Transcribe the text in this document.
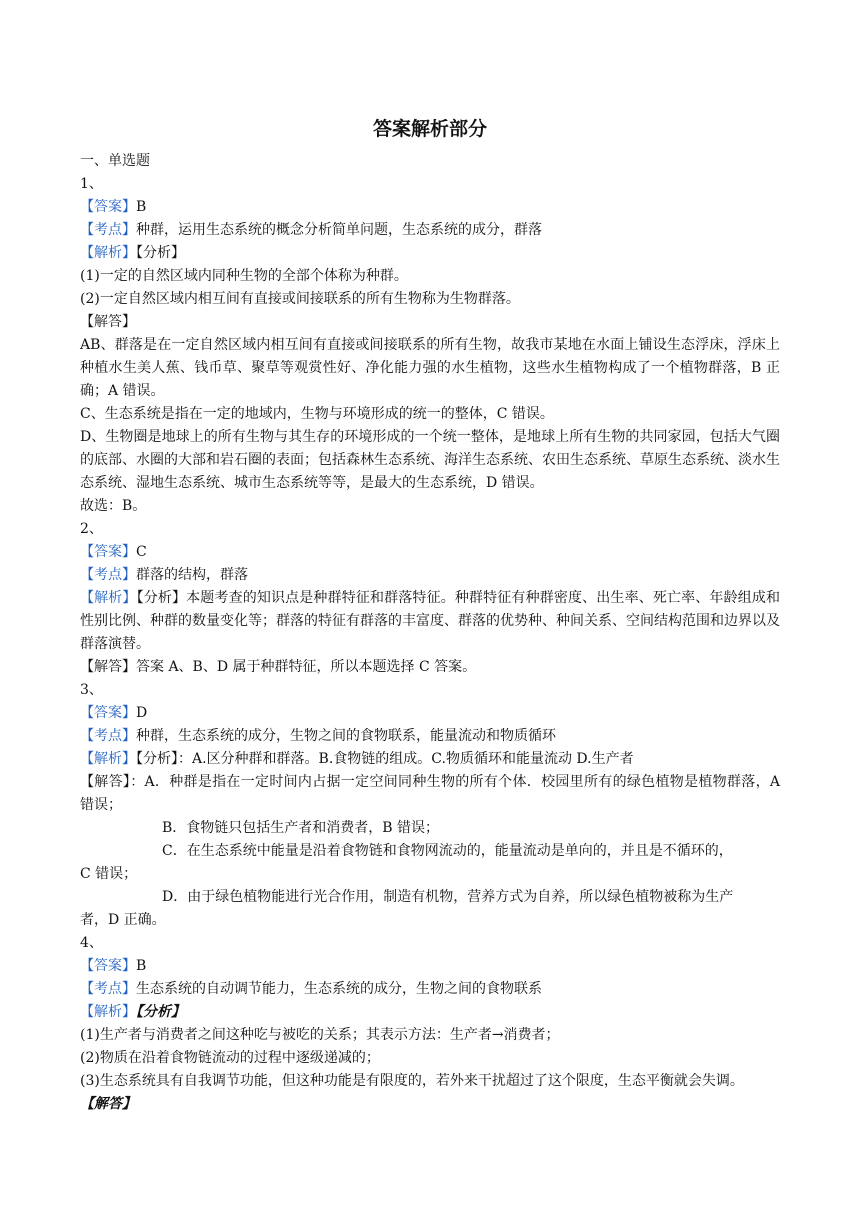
答案解析部分
一、单选题
1、
【答案】B
【考点】种群，运用生态系统的概念分析简单问题，生态系统的成分，群落
【解析】【分析】
(1)一定的自然区域内同种生物的全部个体称为种群。
(2)一定自然区域内相互间有直接或间接联系的所有生物称为生物群落。
【解答】
AB、群落是在一定自然区域内相互间有直接或间接联系的所有生物，故我市某地在水面上铺设生态浮床，浮床上种植水生美人蕉、钱币草、聚草等观赏性好、净化能力强的水生植物，这些水生植物构成了一个植物群落，B 正确；A 错误。
C、生态系统是指在一定的地域内，生物与环境形成的统一的整体，C 错误。
D、生物圈是地球上的所有生物与其生存的环境形成的一个统一整体，是地球上所有生物的共同家园，包括大气圈的底部、水圈的大部和岩石圈的表面；包括森林生态系统、海洋生态系统、农田生态系统、草原生态系统、淡水生态系统、湿地生态系统、城市生态系统等等，是最大的生态系统，D 错误。
故选：B。
2、
【答案】C
【考点】群落的结构，群落
【解析】【分析】本题考查的知识点是种群特征和群落特征。种群特征有种群密度、出生率、死亡率、年龄组成和性别比例、种群的数量变化等；群落的特征有群落的丰富度、群落的优势种、种间关系、空间结构范围和边界以及群落演替。
【解答】答案 A、B、D 属于种群特征，所以本题选择 C 答案。
3、
【答案】D
【考点】种群，生态系统的成分，生物之间的食物联系，能量流动和物质循环
【解析】【分析】：A.区分种群和群落。B.食物链的组成。C.物质循环和能量流动 D.生产者
【解答】：A．种群是指在一定时间内占据一定空间同种生物的所有个体．校园里所有的绿色植物是植物群落，A 错误；
B．食物链只包括生产者和消费者，B 错误；
C．在生态系统中能量是沿着食物链和食物网流动的，能量流动是单向的，并且是不循环的，
C 错误；
D．由于绿色植物能进行光合作用，制造有机物，营养方式为自养，所以绿色植物被称为生产
者，D 正确。
4、
【答案】B
【考点】生态系统的自动调节能力，生态系统的成分，生物之间的食物联系
【解析】【分析】
(1)生产者与消费者之间这种吃与被吃的关系；其表示方法：生产者→消费者；
(2)物质在沿着食物链流动的过程中逐级递减的；
(3)生态系统具有自我调节功能，但这种功能是有限度的，若外来干扰超过了这个限度，生态平衡就会失调。
【解答】
